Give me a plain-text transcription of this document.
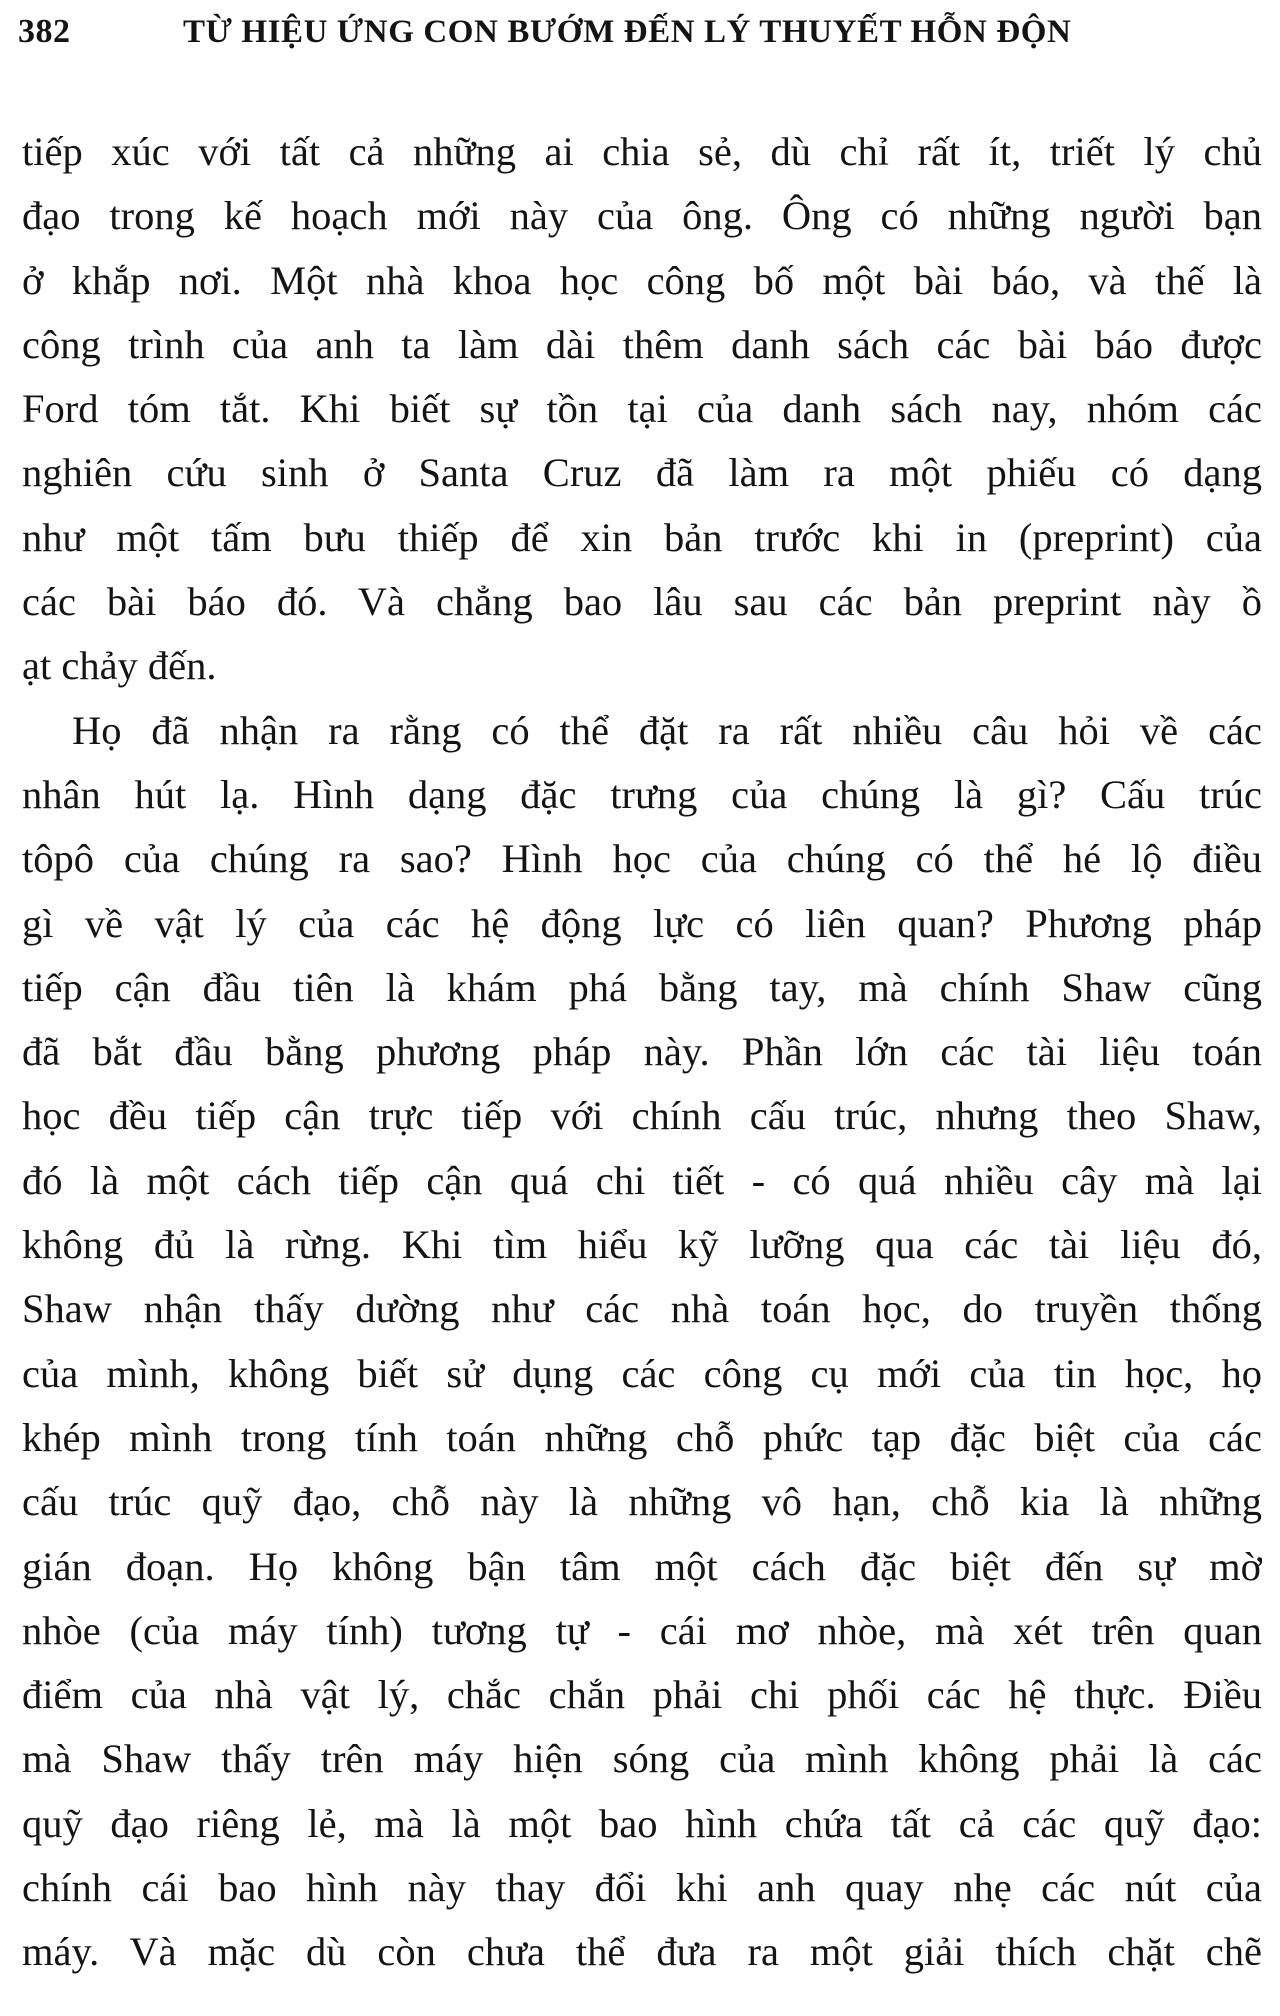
382	TỪ HIỆU ỨNG CON BƯỚM ĐẾN LÝ THUYẾT HỖN ĐỘN
tiếp xúc với tất cả những ai chia sẻ, dù chỉ rất ít, triết lý chủ
đạo trong kế hoạch mới này của ông. Ông có những người bạn
ở khắp nơi. Một nhà khoa học công bố một bài báo, và thế là
công trình của anh ta làm dài thêm danh sách các bài báo được
Ford tóm tắt. Khi biết sự tồn tại của danh sách nay, nhóm các
nghiên cứu sinh ở Santa Cruz đã làm ra một phiếu có dạng
như một tấm bưu thiếp để xin bản trước khi in (preprint) của
các bài báo đó. Và chẳng bao lâu sau các bản preprint này ồ
ạt chảy đến.
Họ đã nhận ra rằng có thể đặt ra rất nhiều câu hỏi về các
nhân hút lạ. Hình dạng đặc trưng của chúng là gì? Cấu trúc
tôpô của chúng ra sao? Hình học của chúng có thể hé lộ điều
gì về vật lý của các hệ động lực có liên quan? Phương pháp
tiếp cận đầu tiên là khám phá bằng tay, mà chính Shaw cũng
đã bắt đầu bằng phương pháp này. Phần lớn các tài liệu toán
học đều tiếp cận trực tiếp với chính cấu trúc, nhưng theo Shaw,
đó là một cách tiếp cận quá chi tiết - có quá nhiều cây mà lại
không đủ là rừng. Khi tìm hiểu kỹ lưỡng qua các tài liệu đó,
Shaw nhận thấy dường như các nhà toán học, do truyền thống
của mình, không biết sử dụng các công cụ mới của tin học, họ
khép mình trong tính toán những chỗ phức tạp đặc biệt của các
cấu trúc quỹ đạo, chỗ này là những vô hạn, chỗ kia là những
gián đoạn. Họ không bận tâm một cách đặc biệt đến sự mờ
nhòe (của máy tính) tương tự - cái mơ nhòe, mà xét trên quan
điểm của nhà vật lý, chắc chắn phải chi phối các hệ thực. Điều
mà Shaw thấy trên máy hiện sóng của mình không phải là các
quỹ đạo riêng lẻ, mà là một bao hình chứa tất cả các quỹ đạo:
chính cái bao hình này thay đổi khi anh quay nhẹ các nút của
máy. Và mặc dù còn chưa thể đưa ra một giải thích chặt chẽ
